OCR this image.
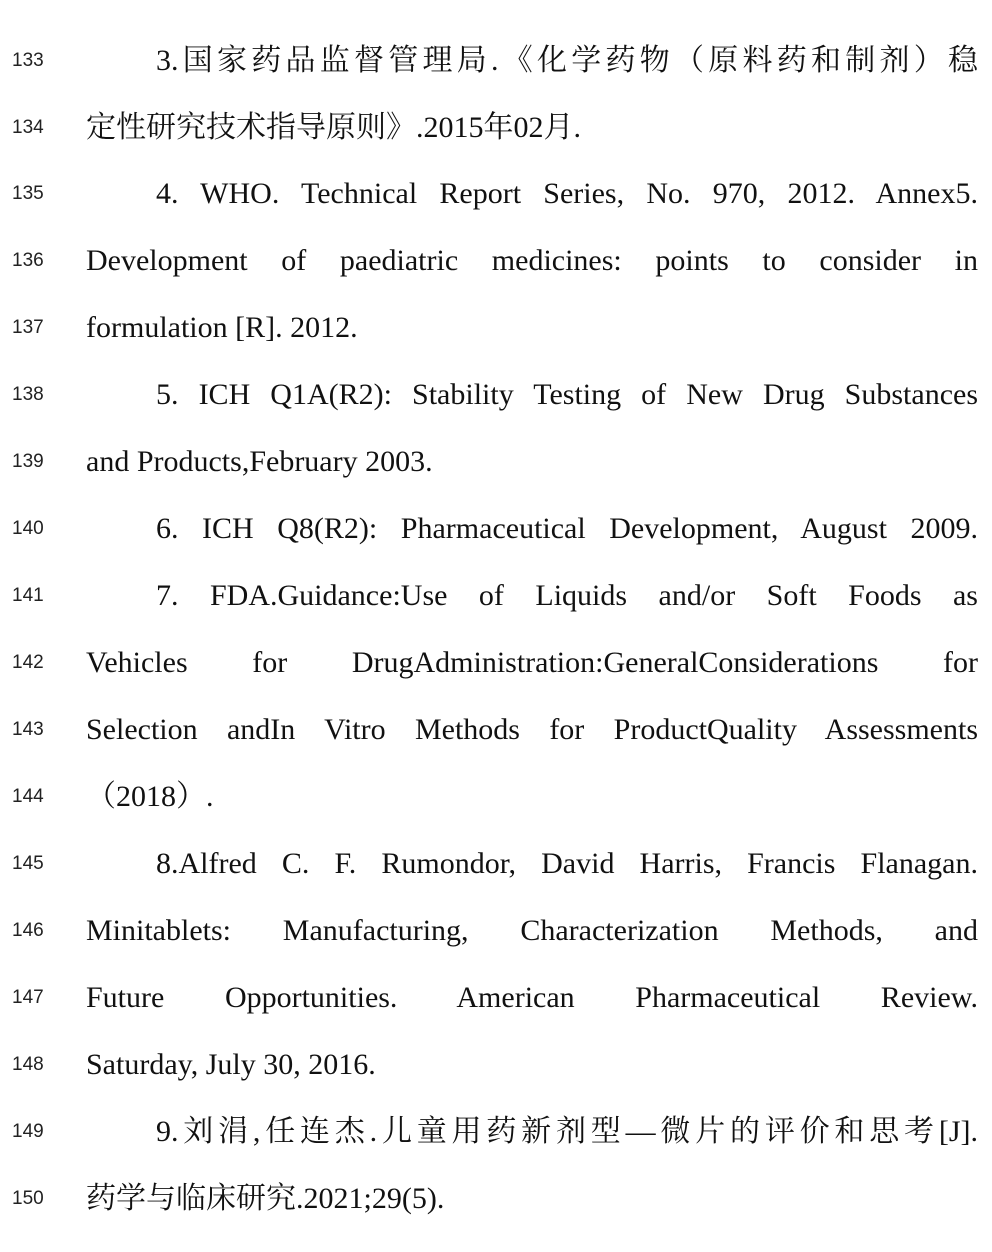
133	3.国家药品监督管理局.《化学药物（原料药和制剂）稳
134 定性研究技术指导原则》.2015年02月.
135	4. WHO. Technical Report Series, No. 970, 2012. Annex5.
136 Development of paediatric medicines: points to consider in
137 formulation [R]. 2012.
138	5. ICH Q1A(R2): Stability Testing of New Drug Substances
139 and Products,February 2003.
140	6. ICH Q8(R2): Pharmaceutical Development, August 2009.
141	7. FDA.Guidance:Use of Liquids and/or Soft Foods as
142 Vehicles for DrugAdministration:GeneralConsiderations for
143 Selection andIn Vitro Methods for ProductQuality Assessments
144 （2018）.
145	8.Alfred C. F. Rumondor, David Harris, Francis Flanagan.
146 Minitablets: Manufacturing, Characterization Methods, and
147 Future Opportunities. American Pharmaceutical Review.
148 Saturday, July 30, 2016.
149	9.刘涓,任连杰.儿童用药新剂型—微片的评价和思考[J].
150 药学与临床研究.2021;29(5).
